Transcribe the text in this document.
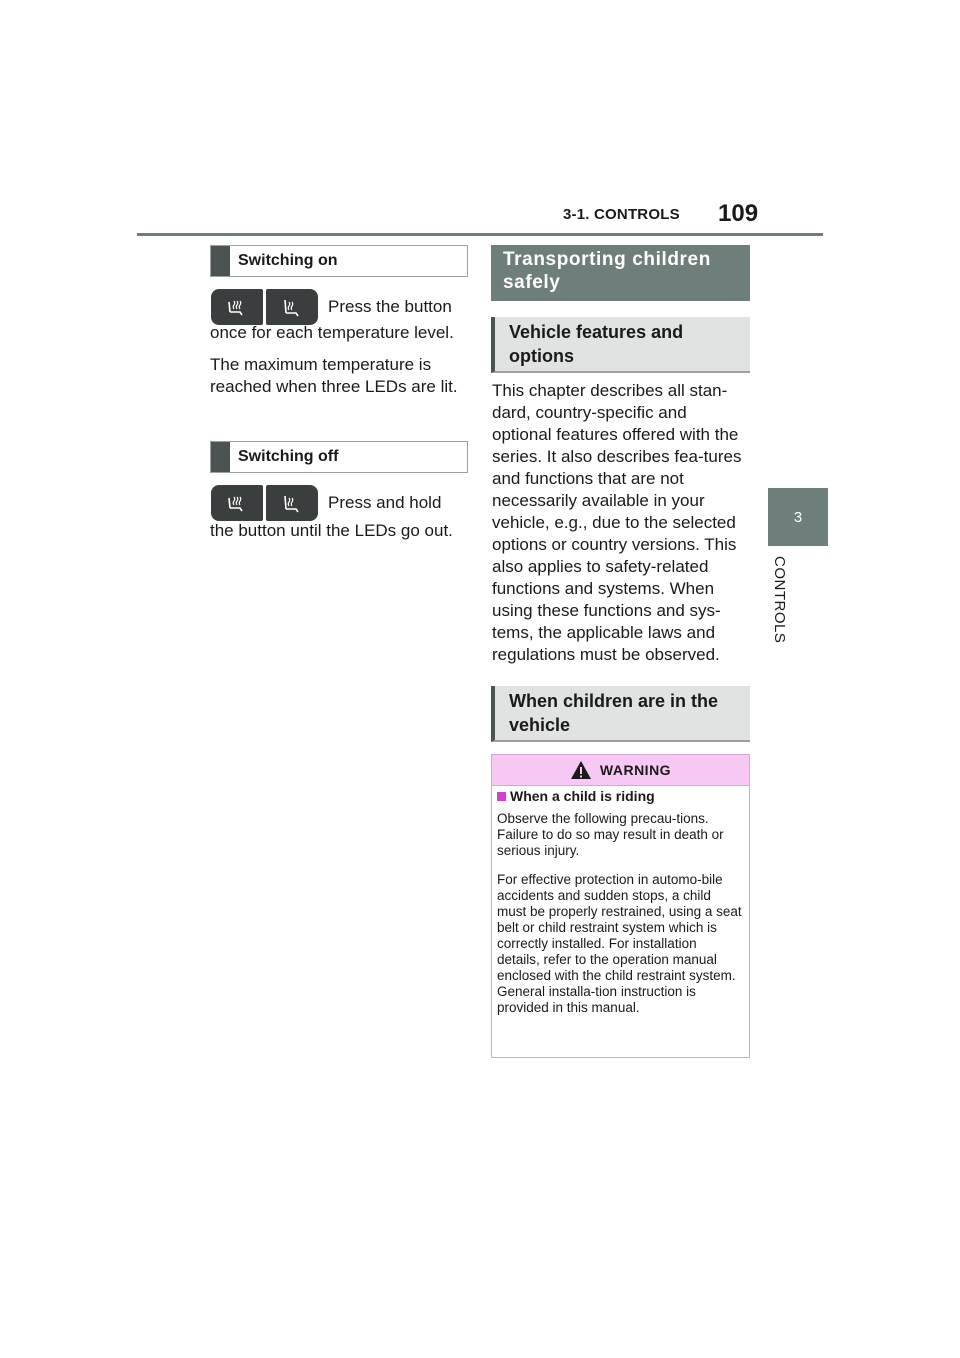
3-1. CONTROLS 109
3
CONTROLS
Switching on
Press the button
once for each temperature level.
The maximum temperature is reached when three LEDs are lit.
Switching off
Press and hold
the button until the LEDs go out.
Transporting children safely
Vehicle features and options
This chapter describes all stan-dard, country-specific and optional features offered with the series. It also describes fea-tures and functions that are not necessarily available in your vehicle, e.g., due to the selected options or country versions. This also applies to safety-related functions and systems. When using these functions and sys-tems, the applicable laws and regulations must be observed.
When children are in the vehicle
WARNING
When a child is riding
Observe the following precau-tions. Failure to do so may result in death or serious injury.
For effective protection in automo-bile accidents and sudden stops, a child must be properly restrained, using a seat belt or child restraint system which is correctly installed. For installation details, refer to the operation manual enclosed with the child restraint system. General installa-tion instruction is provided in this manual.
